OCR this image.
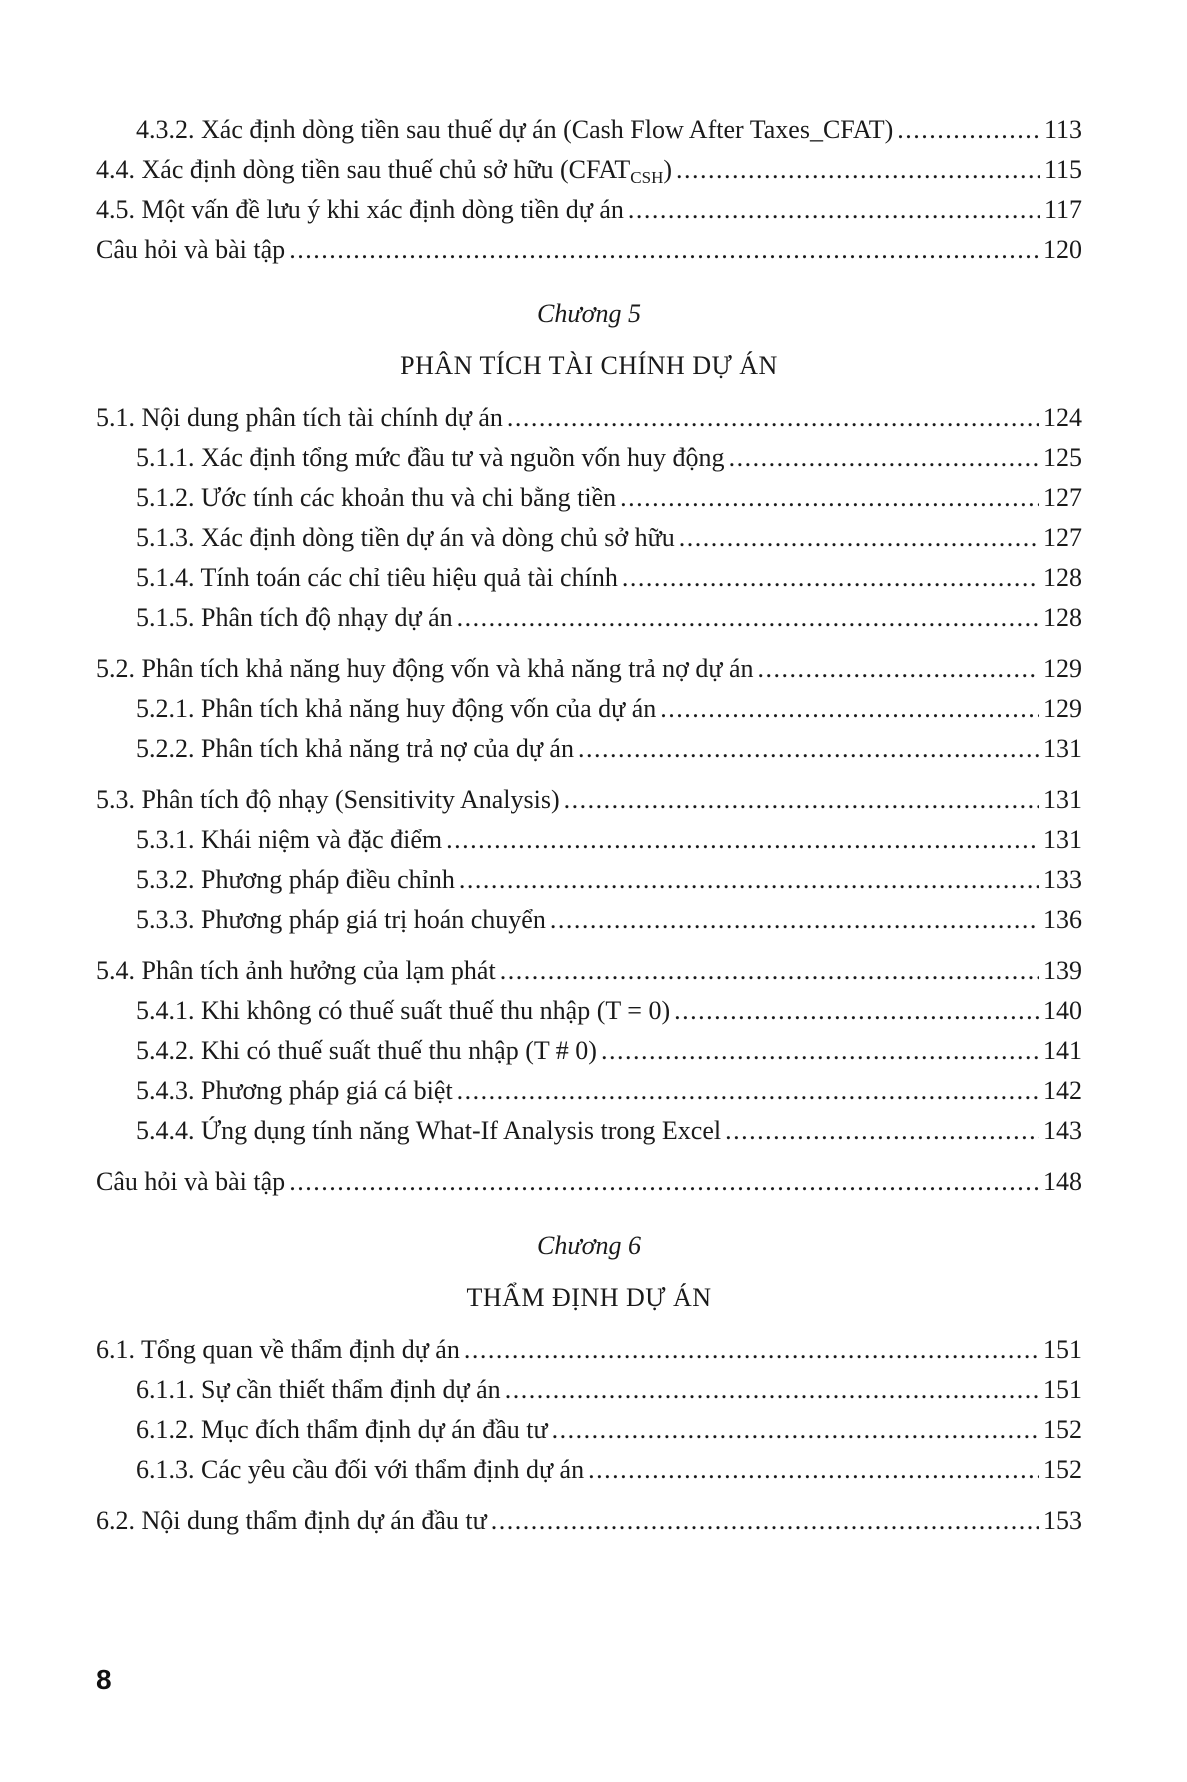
4.3.2. Xác định dòng tiền sau thuế dự án (Cash Flow After Taxes_CFAT) . . .	113
4.4. Xác định dòng tiền sau thuế chủ sở hữu $(CFAT_{CSH})$ . . .	115
4.5. Một vấn đề lưu ý khi xác định dòng tiền dự án . . .	117
Câu hỏi và bài tập . . .	120
Chương 5
PHÂN TÍCH TÀI CHÍNH DỰ ÁN
5.1. Nội dung phân tích tài chính dự án . . .	124
5.1.1. Xác định tổng mức đầu tư và nguồn vốn huy động . . .	125
5.1.2. Ước tính các khoản thu và chi bằng tiền . . .	127
5.1.3. Xác định dòng tiền dự án và dòng chủ sở hữu . . .	127
5.1.4. Tính toán các chỉ tiêu hiệu quả tài chính . . .	128
5.1.5. Phân tích độ nhạy dự án . . .	128
5.2. Phân tích khả năng huy động vốn và khả năng trả nợ dự án . . .	129
5.2.1. Phân tích khả năng huy động vốn của dự án . . .	129
5.2.2. Phân tích khả năng trả nợ của dự án . . .	131
5.3. Phân tích độ nhạy (Sensitivity Analysis) . . .	131
5.3.1. Khái niệm và đặc điểm . . .	131
5.3.2. Phương pháp điều chỉnh . . .	133
5.3.3. Phương pháp giá trị hoán chuyển . . .	136
5.4. Phân tích ảnh hưởng của lạm phát . . .	139
5.4.1. Khi không có thuế suất thuế thu nhập (T = 0) . . .	140
5.4.2. Khi có thuế suất thuế thu nhập (T # 0) . . .	141
5.4.3. Phương pháp giá cá biệt . . .	142
5.4.4. Ứng dụng tính năng What-If Analysis trong Excel . . .	143
Câu hỏi và bài tập . . .	148
Chương 6
THẨM ĐỊNH DỰ ÁN
6.1. Tổng quan về thẩm định dự án . . .	151
6.1.1. Sự cần thiết thẩm định dự án . . .	151
6.1.2. Mục đích thẩm định dự án đầu tư . . .	152
6.1.3. Các yêu cầu đối với thẩm định dự án . . .	152
6.2. Nội dung thẩm định dự án đầu tư . . .	153
8
